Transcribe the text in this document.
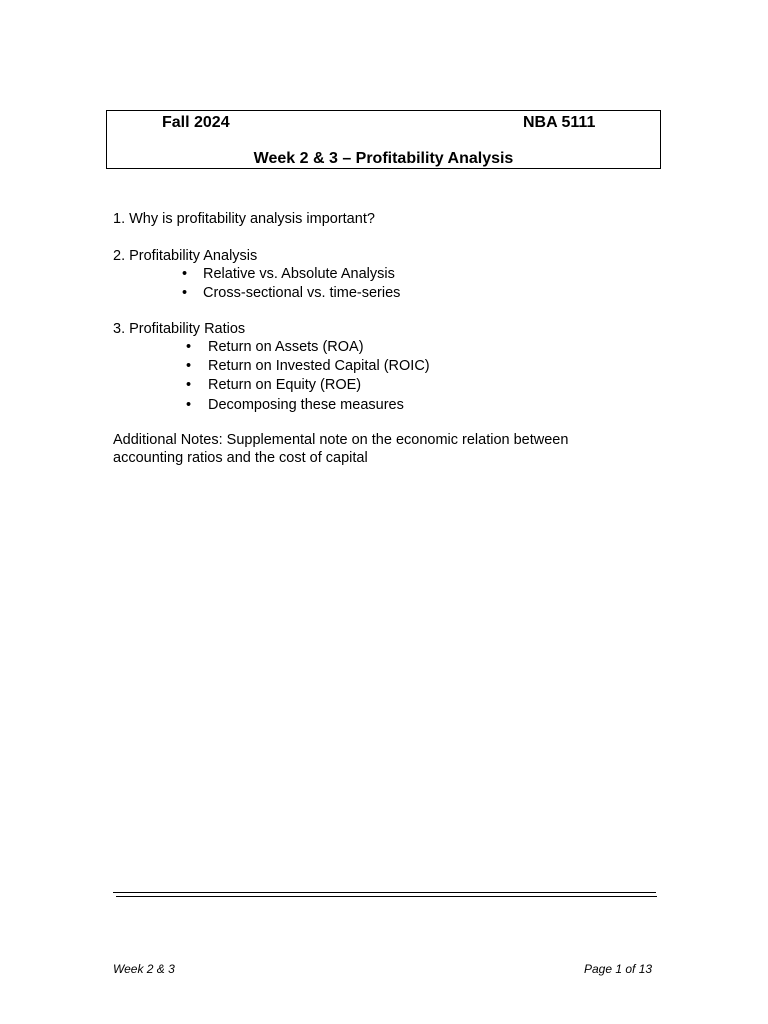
Fall 2024	NBA 5111
Week 2 & 3 – Profitability Analysis
1. Why is profitability analysis important?
2. Profitability Analysis
• Relative vs. Absolute Analysis
• Cross-sectional vs. time-series
3. Profitability Ratios
• Return on Assets (ROA)
• Return on Invested Capital (ROIC)
• Return on Equity (ROE)
• Decomposing these measures
Additional Notes: Supplemental note on the economic relation between
accounting ratios and the cost of capital
Week 2 & 3	Page 1 of 13
